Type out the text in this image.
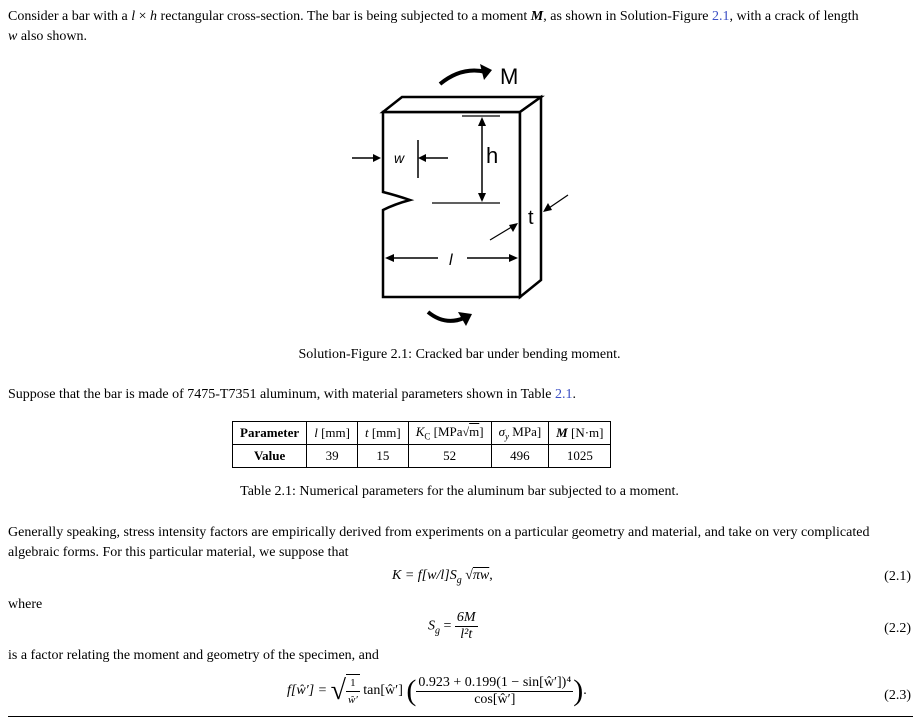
Consider a bar with a l × h rectangular cross-section. The bar is being subjected to a moment M, as shown in Solution-Figure 2.1, with a crack of length
w also shown.
M
w	h
t
l
Solution-Figure 2.1: Cracked bar under bending moment.
Suppose that the bar is made of 7475-T7351 aluminum, with material parameters shown in Table 2.1.
Parameter	l [mm]	t [mm]	$K_C$ [MPa√m]	$\sigma_y$ MPa]	M [N·m]
Value	39	15	52	496	1025
Table 2.1: Numerical parameters for the aluminum bar subjected to a moment.
Generally speaking, stress intensity factors are empirically derived from experiments on a particular geometry and material, and take on very complicated
algebraic forms. For this particular material, we suppose that
$K = f[w/l]S_g$ √πw,	(2.1)
where
$S_g = \frac{6M}{\text{l²t}}$	(2.2)
is a factor relating the moment and geometry of the specimen, and
f[ŵ′] = √ $\frac{1}{ŵ'}$ tan[ŵ′] ( $\frac{\text{0.923 + 0.199(1 − sin[ŵ′])⁴}}{\cos[ŵ']}$ ).	(2.3)
